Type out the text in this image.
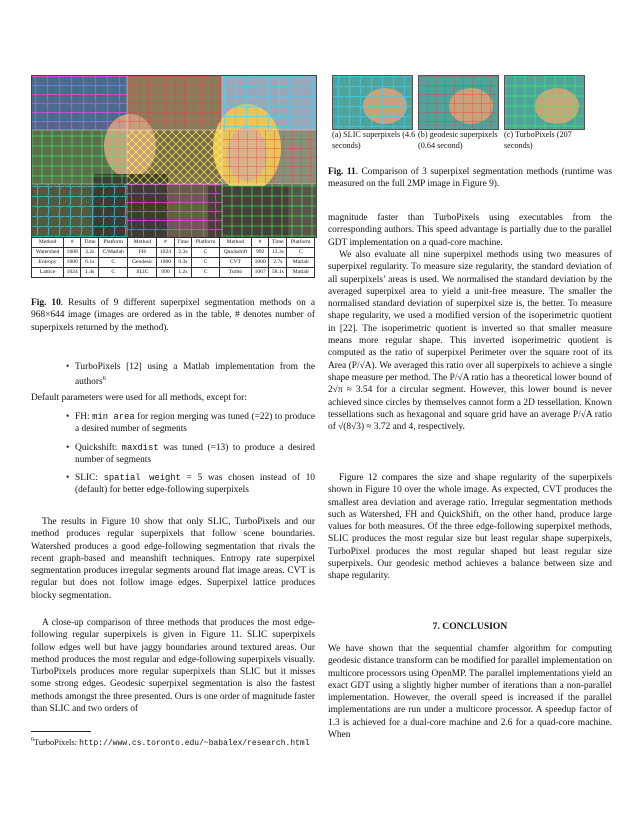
Method	#	Time	Platform	Method	#	Time	Platform	Method	#	Time	Platform
Watershed	1008	3.2s	C/Matlab	FH	1024	2.3s	C	Quickshift	992	13.3s	C
Entropy	1000	6.1s	C	Geodesic	1000	0.3s	C	CVT	1000	2.7s	Matlab
Lattice	1024	1.4s	C	SLIC	990	1.2s	C	Turbo	1067	58.1s	Matlab

Fig. 10. Results of 9 different superpixel segmentation methods on a 968×644 image (images are ordered as in the table, # denotes number of superpixels returned by the method).

• TurboPixels [12] using a Matlab implementation from the authors$^6$

Default parameters were used for all methods, except for:

• FH: min area for region merging was tuned (=22) to produce a desired number of segments
• Quickshift: maxdist was tuned (=13) to produce a desired number of segments
• SLIC: spatial weight = 5 was chosen instead of 10 (default) for better edge-following superpixels

The results in Figure 10 show that only SLIC, TurboPixels and our method produces regular superpixels that follow scene boundaries. Watershed produces a good edge-following segmentation that rivals the recent graph-based and meanshift techniques. Entropy rate superpixel segmentation produces irregular segments around flat image areas. CVT is regular but does not follow image edges. Superpixel lattice produces blocky segmentation.

A close-up comparison of three methods that produces the most edge-following regular superpixels is given in Figure 11. SLIC superpixels follow edges well but have jaggy boundaries around textured areas. Our method produces the most regular and edge-following superpixels visually. TurboPixels produces more regular superpixels than SLIC but it misses some strong edges. Geodesic superpixel segmentation is also the fastest methods amongst the three presented. Ours is one order of magnitude faster than SLIC and two orders of

$^6$TurboPixels: http://www.cs.toronto.edu/~babalex/research.html
(a) SLIC superpixels (4.6 seconds)
(b) geodesic superpixels (0.64 second)
(c) TurboPixels (207 seconds)

Fig. 11. Comparison of 3 superpixel segmentation methods (runtime was measured on the full 2MP image in Figure 9).

magnitude faster than TurboPixels using executables from the corresponding authors. This speed advantage is partially due to the parallel GDT implementation on a quad-core machine.

We also evaluate all nine superpixel methods using two measures of superpixel regularity. To measure size regularity, the standard deviation of all superpixels’ areas is used. We normalised the standard deviation by the averaged superpixel area to yield a unit-free measure. The smaller the normalised standard deviation of superpixel size is, the better. To measure shape regularity, we used a modified version of the isoperimetric quotient in [22]. The isoperimetric quotient is inverted so that smaller measure means more regular shape. This inverted isoperimetric quotient is computed as the ratio of superpixel Perimeter over the square root of its Area (P/√A). We averaged this ratio over all superpixels to achieve a single shape measure per method. The P/√A ratio has a theoretical lower bound of 2√π ≈ 3.54 for a circular segment. However, this lower bound is never achieved since circles by themselves cannot form a 2D tessellation. Known tessellations such as hexagonal and square grid have an average P/√A ratio of √(8√3) ≈ 3.72 and 4, respectively.

Figure 12 compares the size and shape regularity of the superpixels shown in Figure 10 over the whole image. As expected, CVT produces the smallest area deviation and average ratio. Irregular segmentation methods such as Watershed, FH and QuickShift, on the other hand, produce large values for both measures. Of the three edge-following superpixel methods, SLIC produces the most regular size but least regular shape superpixels, TurboPixel produces the most regular shaped but least regular size superpixels. Our geodesic method achieves a balance between size and shape regularity.

7. CONCLUSION

We have shown that the sequential chamfer algorithm for computing geodesic distance transform can be modified for parallel implementation on multicore processors using OpenMP. The parallel implementations yield an exact GDT using a slightly higher number of iterations than a non-parallel implementation. However, the overall speed is increased if the parallel implementations are run under a multicore processor. A speedup factor of 1.3 is achieved for a dual-core machine and 2.6 for a quad-core machine. When
